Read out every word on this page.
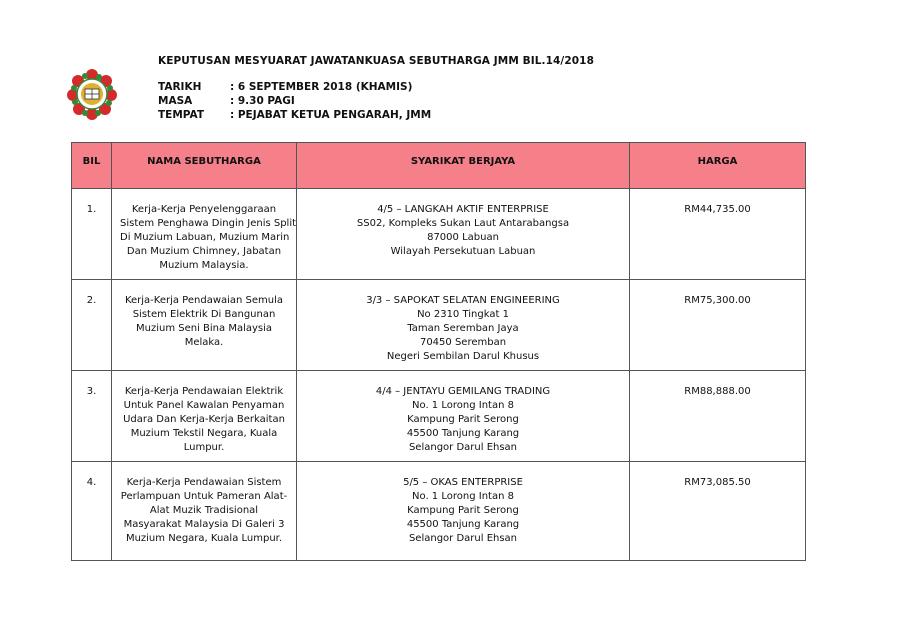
KEPUTUSAN MESYUARAT JAWATANKUASA SEBUTHARGA JMM BIL.14/2018
TARIKH	: 6 SEPTEMBER 2018 (KHAMIS)
MASA	: 9.30 PAGI
TEMPAT : PEJABAT KETUA PENGARAH, JMM
BIL	NAMA SEBUTHARGA	SYARIKAT BERJAYA	HARGA

1.	Kerja-Kerja Penyelenggaraan
Sistem Penghawa Dingin Jenis Split
Di Muzium Labuan, Muzium Marin
Dan Muzium Chimney, Jabatan
Muzium Malaysia.	4/5 – LANGKAH AKTIF ENTERPRISE
SS02, Kompleks Sukan Laut Antarabangsa
87000 Labuan
Wilayah Persekutuan Labuan	RM44,735.00
2.	Kerja-Kerja Pendawaian Semula
Sistem Elektrik Di Bangunan
Muzium Seni Bina Malaysia
Melaka.	3/3 – SAPOKAT SELATAN ENGINEERING
No 2310 Tingkat 1
Taman Seremban Jaya
70450 Seremban
Negeri Sembilan Darul Khusus	RM75,300.00
3.	Kerja-Kerja Pendawaian Elektrik
Untuk Panel Kawalan Penyaman
Udara Dan Kerja-Kerja Berkaitan
Muzium Tekstil Negara, Kuala
Lumpur.	4/4 – JENTAYU GEMILANG TRADING
No. 1 Lorong Intan 8
Kampung Parit Serong
45500 Tanjung Karang
Selangor Darul Ehsan	RM88,888.00
4.	Kerja-Kerja Pendawaian Sistem
Perlampuan Untuk Pameran Alat-
Alat Muzik Tradisional
Masyarakat Malaysia Di Galeri 3
Muzium Negara, Kuala Lumpur.	5/5 – OKAS ENTERPRISE
No. 1 Lorong Intan 8
Kampung Parit Serong
45500 Tanjung Karang
Selangor Darul Ehsan	RM73,085.50
